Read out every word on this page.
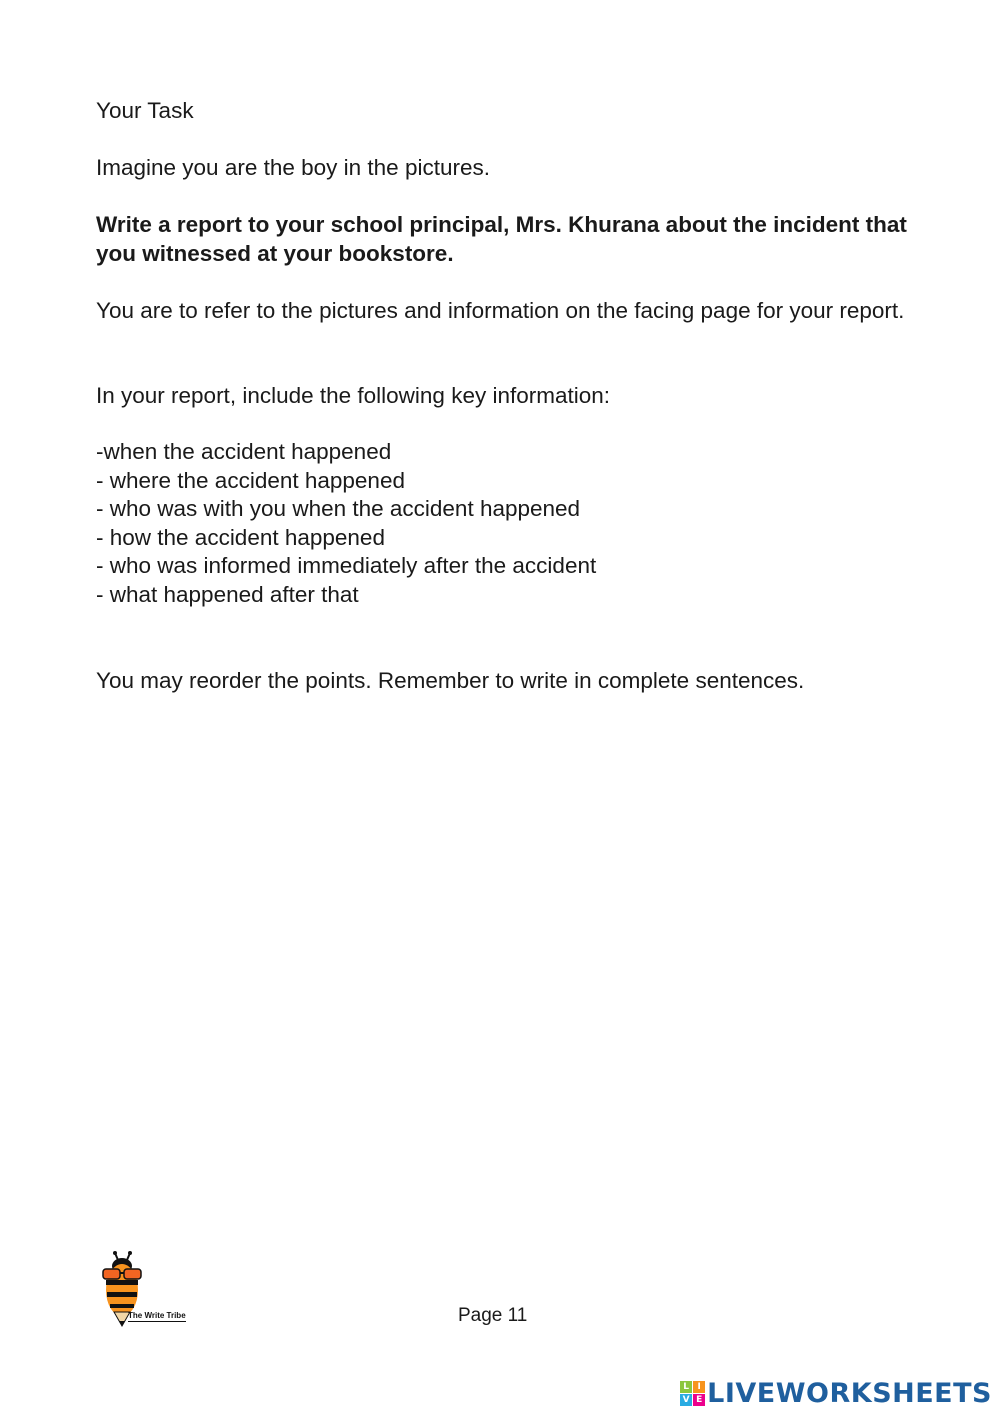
Your Task

Imagine you are the boy in the pictures.

Write a report to your school principal, Mrs. Khurana about the incident that you witnessed at your bookstore.

You are to refer to the pictures and information on the facing page for your report.

In your report, include the following key information:

-when the accident happened
- where the accident happened
- who was with you when the accident happened
- how the accident happened
- who was informed immediately after the accident
- what happened after that

You may reorder the points. Remember to write in complete sentences.

The Write Tribe	Page 11
L I
V E LIVEWORKSHEETS
